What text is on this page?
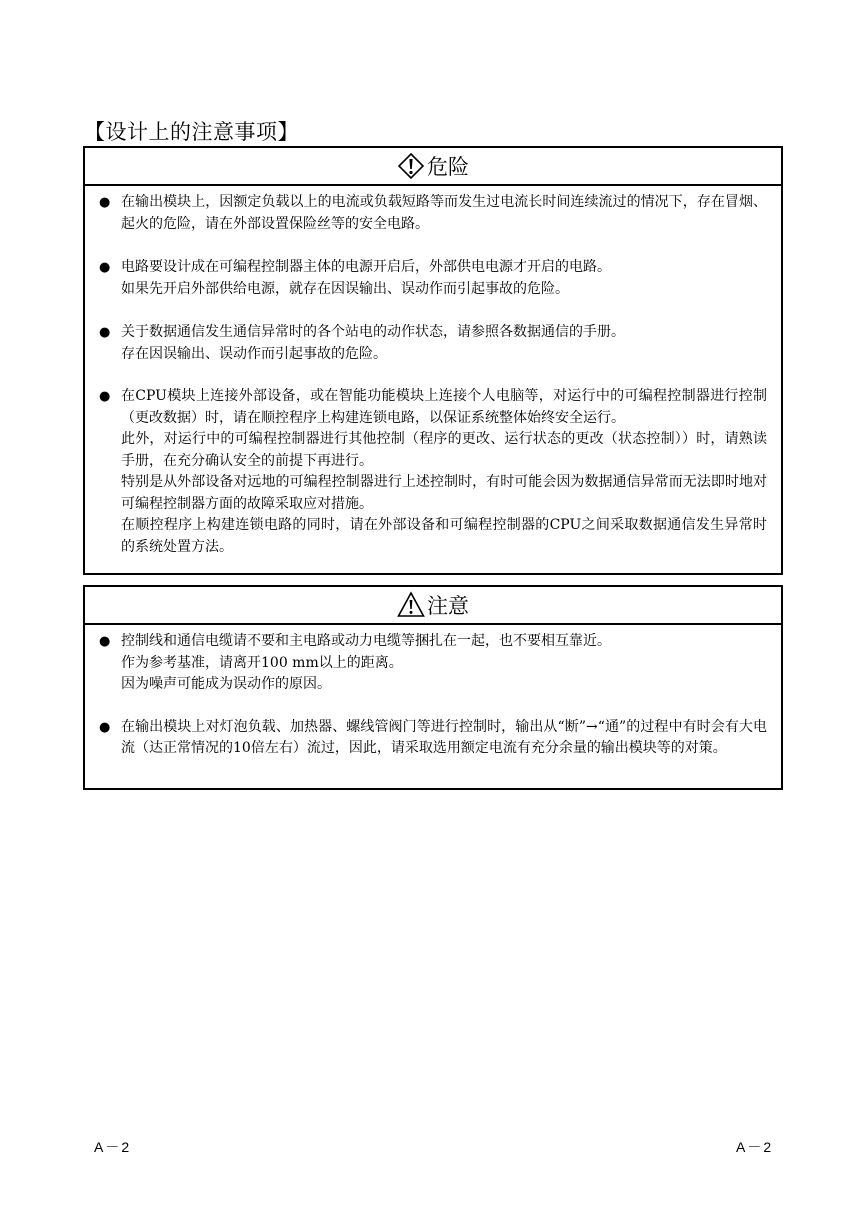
【设计上的注意事项】
危险
● 在输出模块上，因额定负载以上的电流或负载短路等而发生过电流长时间连续流过的情况下，存在冒烟、起火的危险，请在外部设置保险丝等的安全电路。
● 电路要设计成在可编程控制器主体的电源开启后，外部供电电源才开启的电路。
如果先开启外部供给电源，就存在因误输出、误动作而引起事故的危险。
● 关于数据通信发生通信异常时的各个站电的动作状态，请参照各数据通信的手册。
存在因误输出、误动作而引起事故的危险。
● 在CPU模块上连接外部设备，或在智能功能模块上连接个人电脑等，对运行中的可编程控制器进行控制（更改数据）时，请在顺控程序上构建连锁电路，以保证系统整体始终安全运行。
此外，对运行中的可编程控制器进行其他控制（程序的更改、运行状态的更改（状态控制））时，请熟读手册，在充分确认安全的前提下再进行。
特别是从外部设备对远地的可编程控制器进行上述控制时，有时可能会因为数据通信异常而无法即时地对可编程控制器方面的故障采取应对措施。
在顺控程序上构建连锁电路的同时，请在外部设备和可编程控制器的CPU之间采取数据通信发生异常时的系统处置方法。
注意
● 控制线和通信电缆请不要和主电路或动力电缆等捆扎在一起，也不要相互靠近。
作为参考基准，请离开100 mm以上的距离。
因为噪声可能成为误动作的原因。
● 在输出模块上对灯泡负载、加热器、螺线管阀门等进行控制时，输出从“断”→“通”的过程中有时会有大电流（达正常情况的10倍左右）流过，因此，请采取选用额定电流有充分余量的输出模块等的对策。
A－2	A－2
